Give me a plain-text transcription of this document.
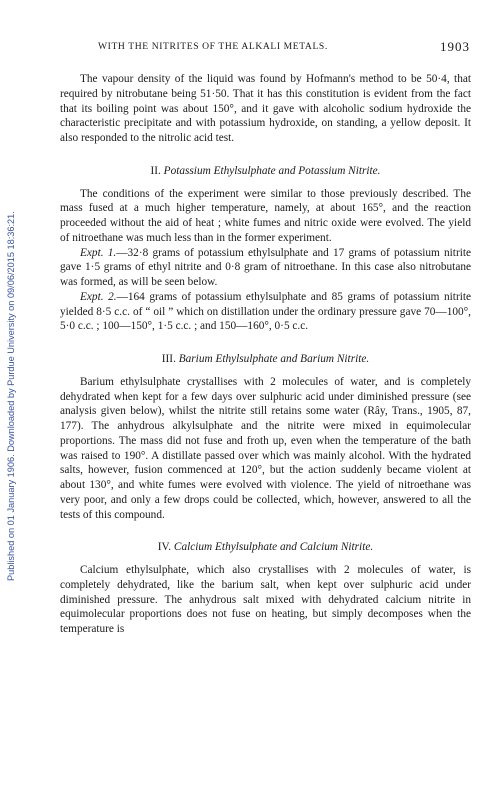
Published on 01 January 1906. Downloaded by Purdue University on 09/06/2015 18:36:21.
WITH THE NITRITES OF THE ALKALI METALS.	1903

The vapour density of the liquid was found by Hofmann's method to be 50·4, that required by nitrobutane being 51·50. That it has this constitution is evident from the fact that its boiling point was about 150°, and it gave with alcoholic sodium hydroxide the characteristic precipitate and with potassium hydroxide, on standing, a yellow deposit. It also responded to the nitrolic acid test.

II. Potassium Ethylsulphate and Potassium Nitrite.

The conditions of the experiment were similar to those previously described. The mass fused at a much higher temperature, namely, at about 165°, and the reaction proceeded without the aid of heat ; white fumes and nitric oxide were evolved. The yield of nitroethane was much less than in the former experiment.

Expt. 1.—32·8 grams of potassium ethylsulphate and 17 grams of potassium nitrite gave 1·5 grams of ethyl nitrite and 0·8 gram of nitroethane. In this case also nitrobutane was formed, as will be seen below.

Expt. 2.—164 grams of potassium ethylsulphate and 85 grams of potassium nitrite yielded 8·5 c.c. of “ oil ” which on distillation under the ordinary pressure gave 70—100°, 5·0 c.c. ; 100—150°, 1·5 c.c. ; and 150—160°, 0·5 c.c.

III. Barium Ethylsulphate and Barium Nitrite.

Barium ethylsulphate crystallises with 2 molecules of water, and is completely dehydrated when kept for a few days over sulphuric acid under diminished pressure (see analysis given below), whilst the nitrite still retains some water (Rây, Trans., 1905, 87, 177). The anhydrous alkylsulphate and the nitrite were mixed in equimolecular proportions. The mass did not fuse and froth up, even when the temperature of the bath was raised to 190°. A distillate passed over which was mainly alcohol. With the hydrated salts, however, fusion commenced at 120°, but the action suddenly became violent at about 130°, and white fumes were evolved with violence. The yield of nitroethane was very poor, and only a few drops could be collected, which, however, answered to all the tests of this compound.

IV. Calcium Ethylsulphate and Calcium Nitrite.

Calcium ethylsulphate, which also crystallises with 2 molecules of water, is completely dehydrated, like the barium salt, when kept over sulphuric acid under diminished pressure. The anhydrous salt mixed with dehydrated calcium nitrite in equimolecular proportions does not fuse on heating, but simply decomposes when the temperature is
